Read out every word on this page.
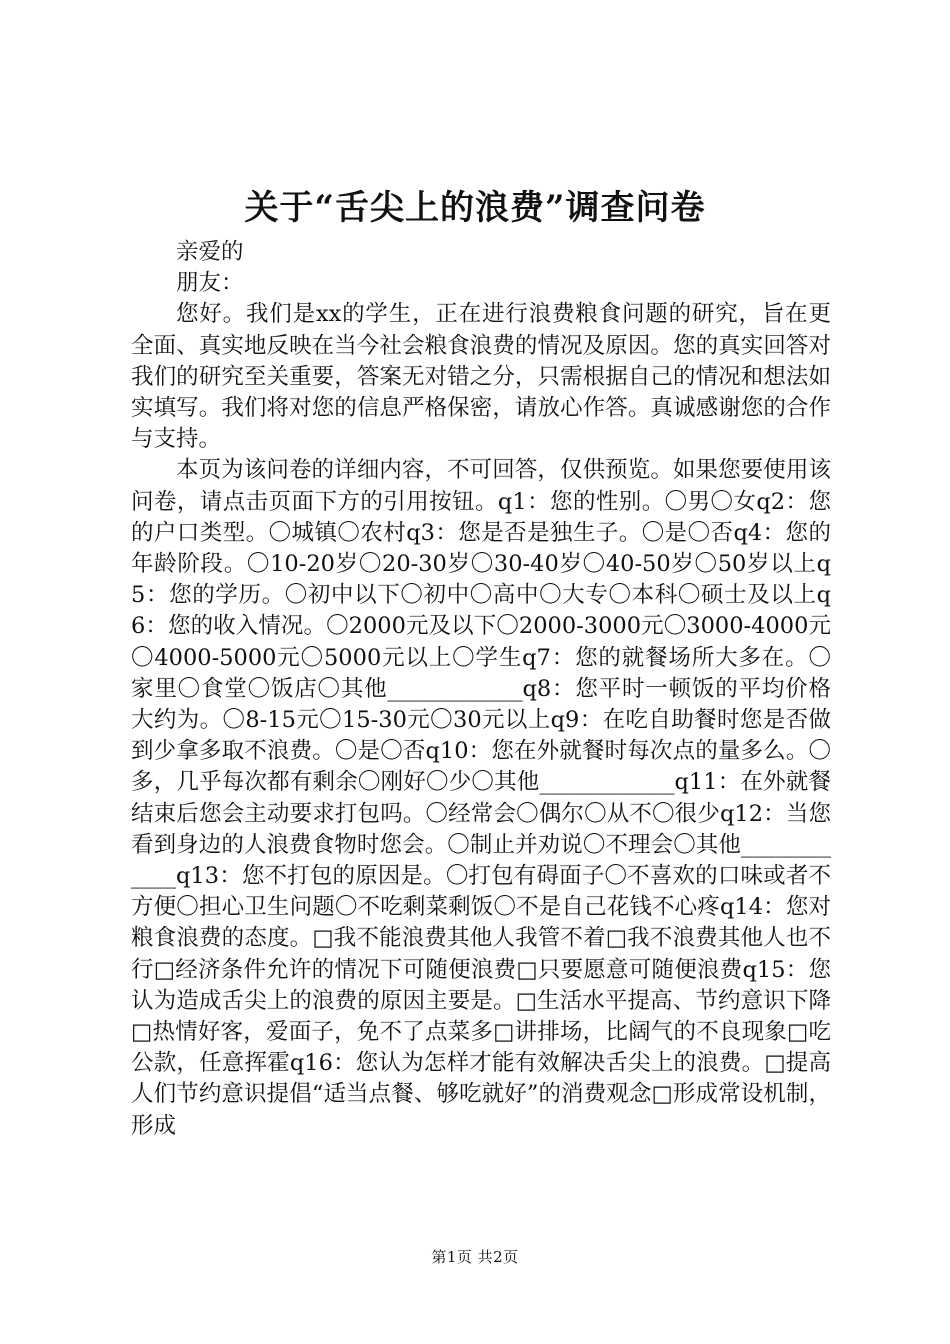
关于“舌尖上的浪费”调查问卷

亲爱的

朋友：

您好。我们是xx的学生，正在进行浪费粮食问题的研究，旨在更全面、真实地反映在当今社会粮食浪费的情况及原因。您的真实回答对我们的研究至关重要，答案无对错之分，只需根据自己的情况和想法如实填写。我们将对您的信息严格保密，请放心作答。真诚感谢您的合作与支持。

本页为该问卷的详细内容，不可回答，仅供预览。如果您要使用该问卷，请点击页面下方的引用按钮。q1：您的性别。〇男〇女q2：您的户口类型。〇城镇〇农村q3：您是否是独生子。〇是〇否q4：您的年龄阶段。〇10-20岁〇20-30岁〇30-40岁〇40-50岁〇50岁以上q5：您的学历。〇初中以下〇初中〇高中〇大专〇本科〇硕士及以上q6：您的收入情况。〇2000元及以下〇2000-3000元〇3000-4000元〇4000-5000元〇5000元以上〇学生q7：您的就餐场所大多在。〇家里〇食堂〇饭店〇其他____________q8：您平时一顿饭的平均价格大约为。〇8-15元〇15-30元〇30元以上q9：在吃自助餐时您是否做到少拿多取不浪费。〇是〇否q10：您在外就餐时每次点的量多么。〇多，几乎每次都有剩余〇刚好〇少〇其他____________q11：在外就餐结束后您会主动要求打包吗。〇经常会〇偶尔〇从不〇很少q12：当您看到身边的人浪费食物时您会。〇制止并劝说〇不理会〇其他____________q13：您不打包的原因是。〇打包有碍面子〇不喜欢的口味或者不方便〇担心卫生问题〇不吃剩菜剩饭〇不是自己花钱不心疼q14：您对粮食浪费的态度。□我不能浪费其他人我管不着□我不浪费其他人也不行□经济条件允许的情况下可随便浪费□只要愿意可随便浪费q15：您认为造成舌尖上的浪费的原因主要是。□生活水平提高、节约意识下降□热情好客，爱面子，免不了点菜多□讲排场，比阔气的不良现象□吃公款，任意挥霍q16：您认为怎样才能有效解决舌尖上的浪费。□提高人们节约意识提倡“适当点餐、够吃就好”的消费观念□形成常设机制，形成

第1页 共2页
